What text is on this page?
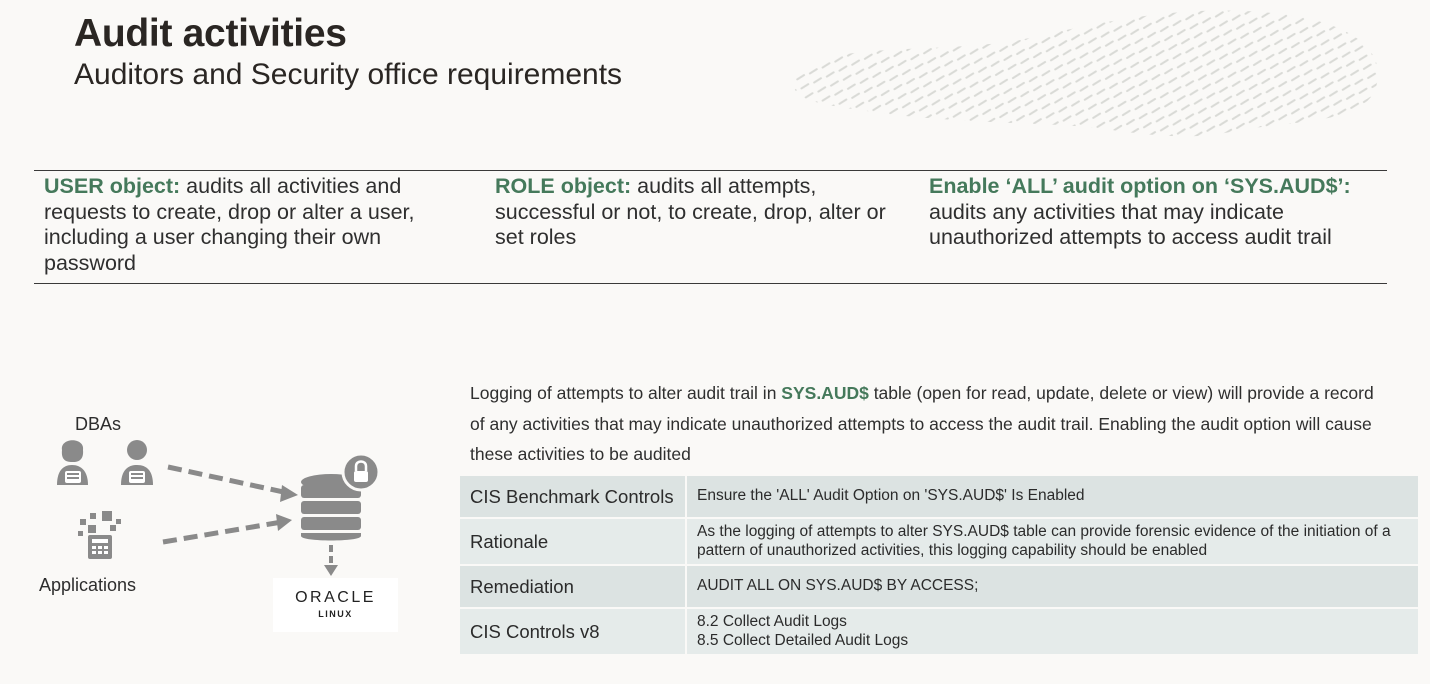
Audit activities
Auditors and Security office requirements
USER object: audits all activities and requests to create, drop or alter a user, including a user changing their own password
ROLE object: audits all attempts, successful or not, to create, drop, alter or set roles
Enable ‘ALL’ audit option on ‘SYS.AUD$’: audits any activities that may indicate unauthorized attempts to access audit trail
DBAs
Applications
ORACLE
LINUX
Logging of attempts to alter audit trail in SYS.AUD$ table (open for read, update, delete or view) will provide a record of any activities that may indicate unauthorized attempts to access the audit trail. Enabling the audit option will cause these activities to be audited
CIS Benchmark Controls	Ensure the 'ALL' Audit Option on 'SYS.AUD$' Is Enabled
Rationale	As the logging of attempts to alter SYS.AUD$ table can provide forensic evidence of the initiation of a pattern of unauthorized activities, this logging capability should be enabled
Remediation	AUDIT ALL ON SYS.AUD$ BY ACCESS;
CIS Controls v8	8.2 Collect Audit Logs
8.5 Collect Detailed Audit Logs
